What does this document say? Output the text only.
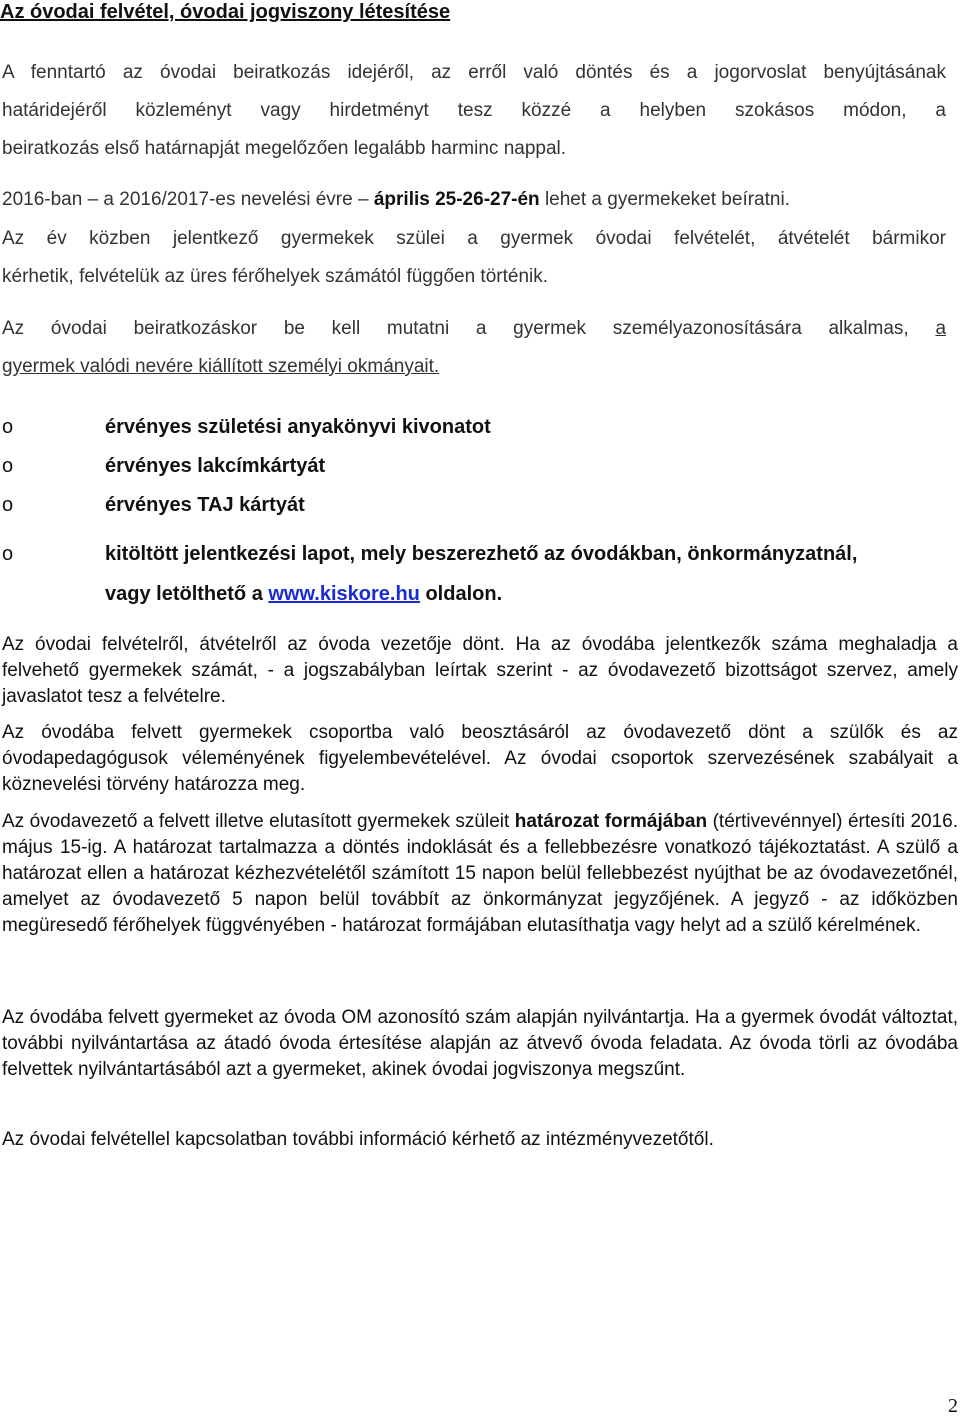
Az óvodai felvétel, óvodai jogviszony létesítése

A fenntartó az óvodai beiratkozás idejéről, az erről való döntés és a jogorvoslat benyújtásának

határidejéről közleményt vagy hirdetményt tesz közzé a helyben szokásos módon, a

beiratkozás első határnapját megelőzően legalább harminc nappal.

2016-ban – a 2016/2017-es nevelési évre – április 25-26-27-én lehet a gyermekeket beíratni.

Az év közben jelentkező gyermekek szülei a gyermek óvodai felvételét, átvételét bármikor

kérhetik, felvételük az üres férőhelyek számától függően történik.

Az óvodai beiratkozáskor be kell mutatni a gyermek személyazonosítására alkalmas, a

gyermek valódi nevére kiállított személyi okmányait.

o	érvényes születési anyakönyvi kivonatot
o	érvényes lakcímkártyát
o	érvényes TAJ kártyát
o	kitöltött jelentkezési lapot, mely beszerezhető az óvodákban, önkormányzatnál,
vagy letölthető a www.kiskore.hu oldalon.

Az óvodai felvételről, átvételről az óvoda vezetője dönt. Ha az óvodába jelentkezők száma meghaladja a felvehető gyermekek számát, - a jogszabályban leírtak szerint - az óvodavezető bizottságot szervez, amely javaslatot tesz a felvételre.

Az óvodába felvett gyermekek csoportba való beosztásáról az óvodavezető dönt a szülők és az óvodapedagógusok véleményének figyelembevételével. Az óvodai csoportok szervezésének szabályait a köznevelési törvény határozza meg.

Az óvodavezető a felvett illetve elutasított gyermekek szüleit határozat formájában (tértivevénnyel) értesíti 2016. május 15-ig. A határozat tartalmazza a döntés indoklását és a fellebbezésre vonatkozó tájékoztatást. A szülő a határozat ellen a határozat kézhezvételétől számított 15 napon belül fellebbezést nyújthat be az óvodavezetőnél, amelyet az óvodavezető 5 napon belül továbbít az önkormányzat jegyzőjének. A jegyző - az időközben megüresedő férőhelyek függvényében - határozat formájában elutasíthatja vagy helyt ad a szülő kérelmének.

Az óvodába felvett gyermeket az óvoda OM azonosító szám alapján nyilvántartja. Ha a gyermek óvodát változtat, további nyilvántartása az átadó óvoda értesítése alapján az átvevő óvoda feladata. Az óvoda törli az óvodába felvettek nyilvántartásából azt a gyermeket, akinek óvodai jogviszonya megszűnt.

Az óvodai felvétellel kapcsolatban további információ kérhető az intézményvezetőtől.

2
